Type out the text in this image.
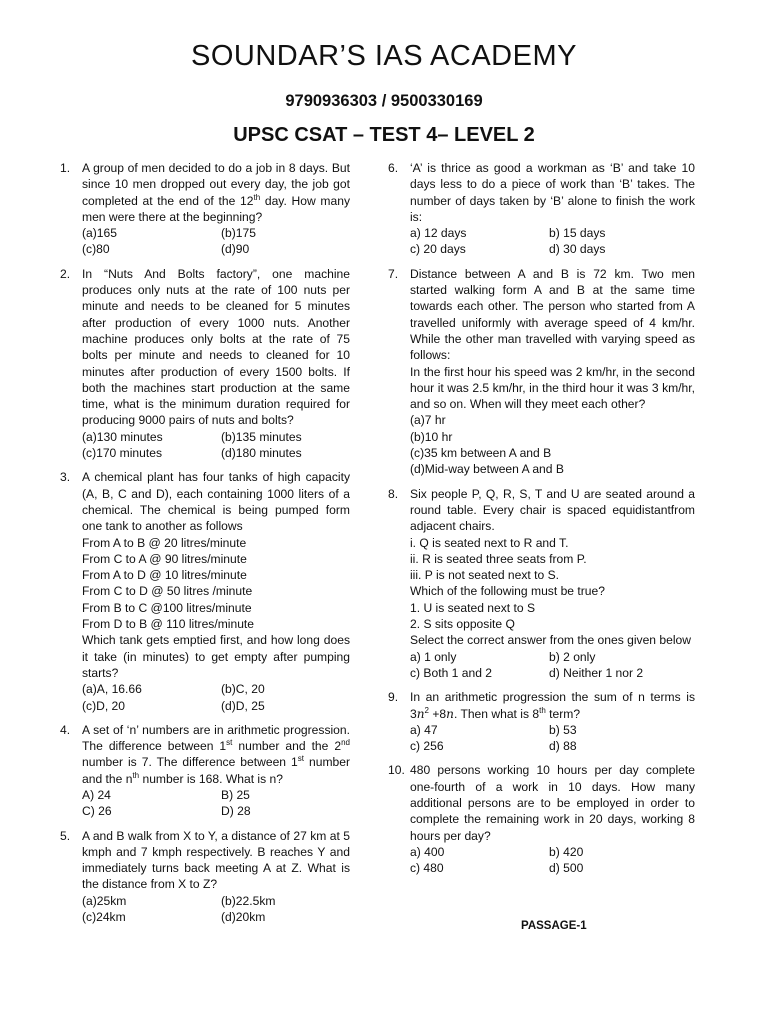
SOUNDAR’S IAS ACADEMY
9790936303 / 9500330169
UPSC CSAT – TEST 4– LEVEL 2
1. A group of men decided to do a job in 8 days. But since 10 men dropped out every day, the job got completed at the end of the 12th day. How many men were there at the beginning?
(a)165	(b)175
(c)80	(d)90
2. In “Nuts And Bolts factory”, one machine produces only nuts at the rate of 100 nuts per minute and needs to be cleaned for 5 minutes after production of every 1000 nuts. Another machine produces only bolts at the rate of 75 bolts per minute and needs to cleaned for 10 minutes after production of every 1500 bolts. If both the machines start production at the same time, what is the minimum duration required for producing 9000 pairs of nuts and bolts?
(a)130 minutes	(b)135 minutes
(c)170 minutes	(d)180 minutes
3. A chemical plant has four tanks of high capacity (A, B, C and D), each containing 1000 liters of a chemical. The chemical is being pumped form one tank to another as follows
From A to B @ 20 litres/minute
From C to A @ 90 litres/minute
From A to D @ 10 litres/minute
From C to D @ 50 litres /minute
From B to C @100 litres/minute
From D to B @ 110 litres/minute
Which tank gets emptied first, and how long does it take (in minutes) to get empty after pumping starts?
(a)A, 16.66	(b)C, 20
(c)D, 20	(d)D, 25
4. A set of ‘n’ numbers are in arithmetic progression. The difference between 1st number and the 2nd number is 7. The difference between 1st number and the $n^{th}$ number is 168. What is n?
A) 24	B) 25
C) 26	D) 28
5. A and B walk from X to Y, a distance of 27 km at 5 kmph and 7 kmph respectively. B reaches Y and immediately turns back meeting A at Z. What is the distance from X to Z?
(a)25km	(b)22.5km
(c)24km	(d)20km
6. ‘A’ is thrice as good a workman as ‘B’ and take 10 days less to do a piece of work than ‘B’ takes. The number of days taken by ‘B’ alone to finish the work is:
a) 12 days	b) 15 days
c) 20 days	d) 30 days
7. Distance between A and B is 72 km. Two men started walking form A and B at the same time towards each other. The person who started from A travelled uniformly with average speed of 4 km/hr. While the other man travelled with varying speed as follows:
In the first hour his speed was 2 km/hr, in the second hour it was 2.5 km/hr, in the third hour it was 3 km/hr, and so on. When will they meet each other?
(a)7 hr
(b)10 hr
(c)35 km between A and B
(d)Mid-way between A and B
8. Six people P, Q, R, S, T and U are seated around a round table. Every chair is spaced equidistantfrom adjacent chairs.
i. Q is seated next to R and T.
ii. R is seated three seats from P.
iii. P is not seated next to S.
Which of the following must be true?
1. U is seated next to S
2. S sits opposite Q
Select the correct answer from the ones given below
a) 1 only	b) 2 only
c) Both 1 and 2	d) Neither 1 nor 2
9. In an arithmetic progression the sum of n terms is $3n^2 +8n$. Then what is 8th term?
a) 47	b) 53
c) 256	d) 88
10. 480 persons working 10 hours per day complete one-fourth of a work in 10 days. How many additional persons are to be employed in order to complete the remaining work in 20 days, working 8 hours per day?
a) 400	b) 420
c) 480	d) 500
PASSAGE-1
